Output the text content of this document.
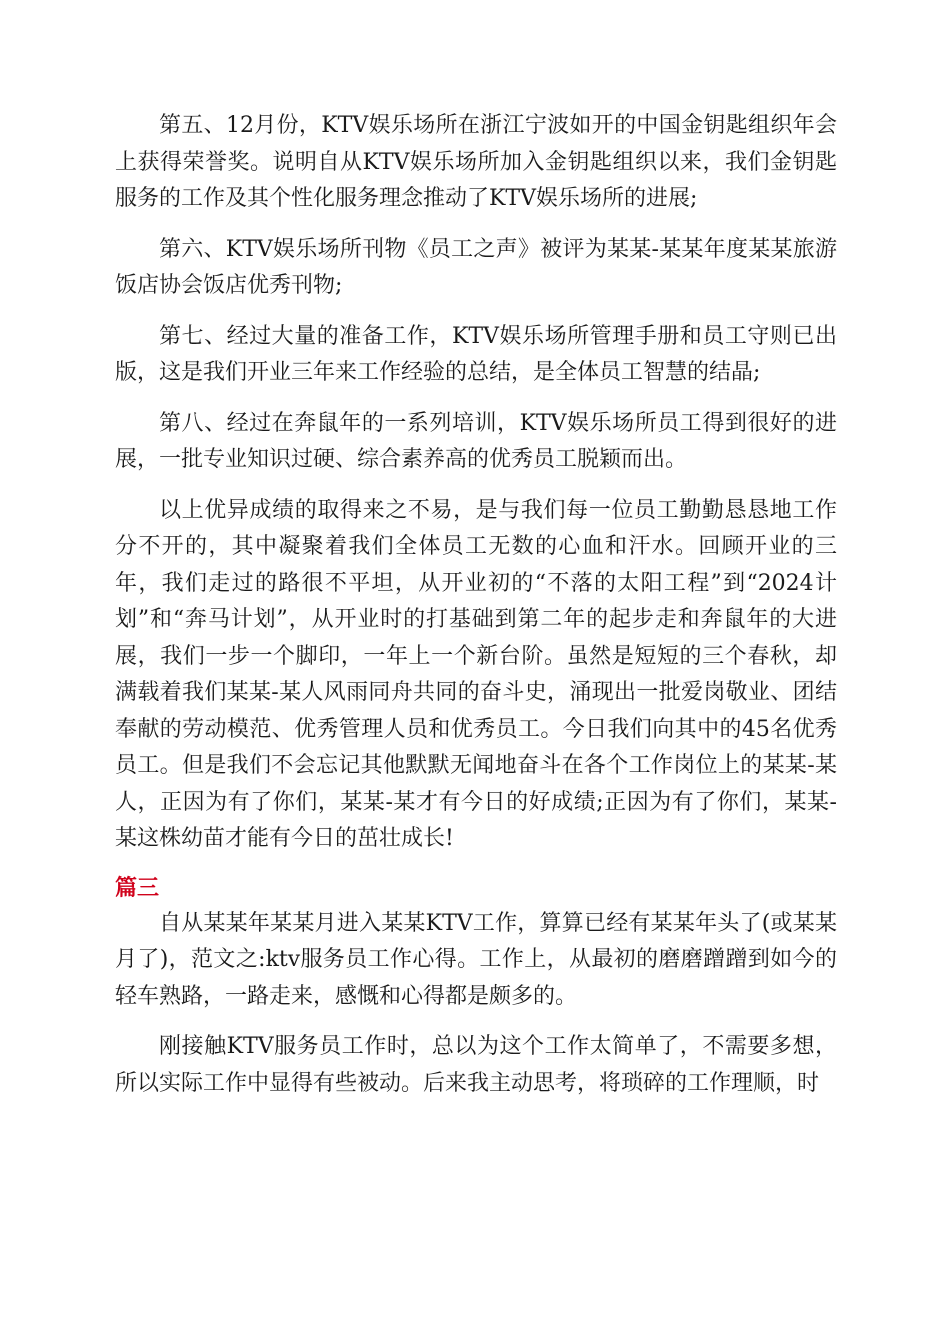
第五、12月份，KTV娱乐场所在浙江宁波如开的中国金钥匙组织年会上获得荣誉奖。说明自从KTV娱乐场所加入金钥匙组织以来，我们金钥匙服务的工作及其个性化服务理念推动了KTV娱乐场所的进展;

第六、KTV娱乐场所刊物《员工之声》被评为某某-某某年度某某旅游饭店协会饭店优秀刊物;

第七、经过大量的准备工作，KTV娱乐场所管理手册和员工守则已出版，这是我们开业三年来工作经验的总结，是全体员工智慧的结晶;

第八、经过在奔鼠年的一系列培训，KTV娱乐场所员工得到很好的进展，一批专业知识过硬、综合素养高的优秀员工脱颖而出。

以上优异成绩的取得来之不易，是与我们每一位员工勤勤恳恳地工作分不开的，其中凝聚着我们全体员工无数的心血和汗水。回顾开业的三年，我们走过的路很不平坦，从开业初的“不落的太阳工程”到“2024计划”和“奔马计划”，从开业时的打基础到第二年的起步走和奔鼠年的大进展，我们一步一个脚印，一年上一个新台阶。虽然是短短的三个春秋，却满载着我们某某-某人风雨同舟共同的奋斗史，涌现出一批爱岗敬业、团结奉献的劳动模范、优秀管理人员和优秀员工。今日我们向其中的45名优秀员工。但是我们不会忘记其他默默无闻地奋斗在各个工作岗位上的某某-某人，正因为有了你们，某某-某才有今日的好成绩;正因为有了你们，某某-某这株幼苗才能有今日的茁壮成长!

篇三

自从某某年某某月进入某某KTV工作，算算已经有某某年头了(或某某月了)，范文之:ktv服务员工作心得。工作上，从最初的磨磨蹭蹭到如今的轻车熟路，一路走来，感慨和心得都是颇多的。

刚接触KTV服务员工作时，总以为这个工作太简单了，不需要多想，所以实际工作中显得有些被动。后来我主动思考，将琐碎的工作理顺，时
